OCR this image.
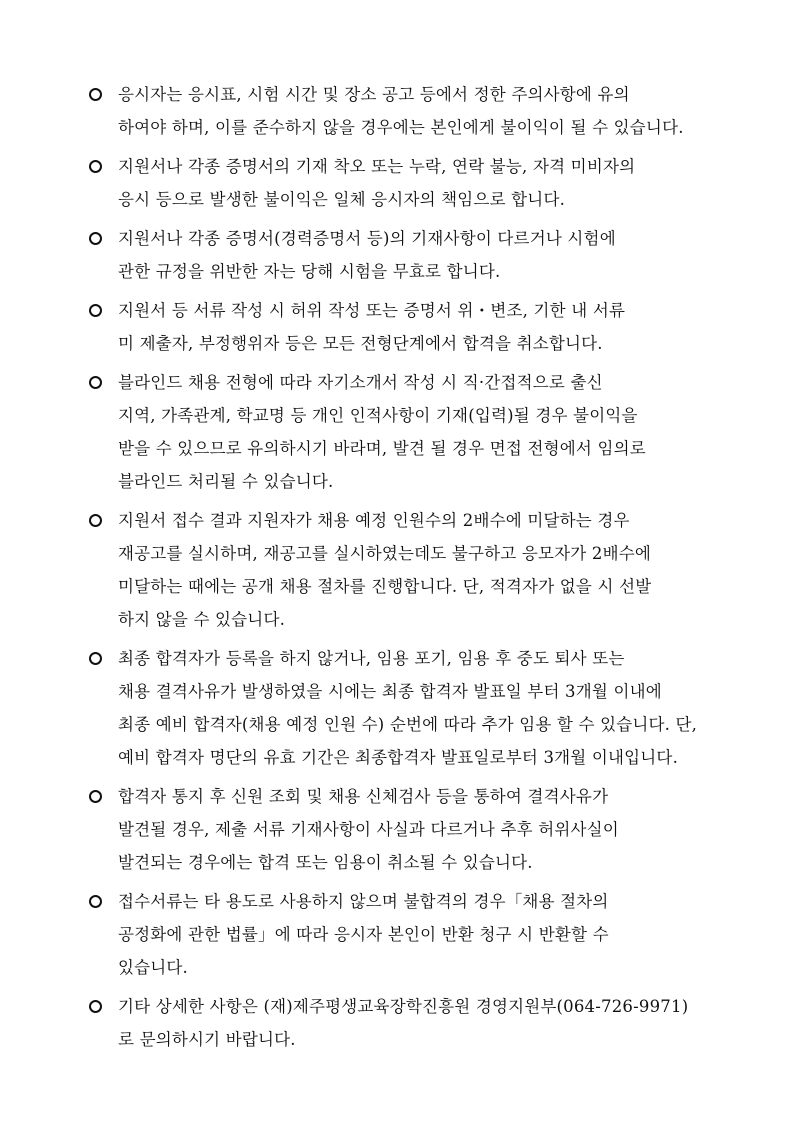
응시자는 응시표, 시험 시간 및 장소 공고 등에서 정한 주의사항에 유의
하여야 하며, 이를 준수하지 않을 경우에는 본인에게 불이익이 될 수 있습니다.

지원서나 각종 증명서의 기재 착오 또는 누락, 연락 불능, 자격 미비자의
응시 등으로 발생한 불이익은 일체 응시자의 책임으로 합니다.

지원서나 각종 증명서(경력증명서 등)의 기재사항이 다르거나 시험에
관한 규정을 위반한 자는 당해 시험을 무효로 합니다.

지원서 등 서류 작성 시 허위 작성 또는 증명서 위・변조, 기한 내 서류
미 제출자, 부정행위자 등은 모든 전형단계에서 합격을 취소합니다.

블라인드 채용 전형에 따라 자기소개서 작성 시 직·간접적으로 출신
지역, 가족관계, 학교명 등 개인 인적사항이 기재(입력)될 경우 불이익을
받을 수 있으므로 유의하시기 바라며, 발견 될 경우 면접 전형에서 임의로
블라인드 처리될 수 있습니다.

지원서 접수 결과 지원자가 채용 예정 인원수의 2배수에 미달하는 경우
재공고를 실시하며, 재공고를 실시하였는데도 불구하고 응모자가 2배수에
미달하는 때에는 공개 채용 절차를 진행합니다. 단, 적격자가 없을 시 선발
하지 않을 수 있습니다.

최종 합격자가 등록을 하지 않거나, 임용 포기, 임용 후 중도 퇴사 또는
채용 결격사유가 발생하였을 시에는 최종 합격자 발표일 부터 3개월 이내에
최종 예비 합격자(채용 예정 인원 수) 순번에 따라 추가 임용 할 수 있습니다. 단,
예비 합격자 명단의 유효 기간은 최종합격자 발표일로부터 3개월 이내입니다.

합격자 통지 후 신원 조회 및 채용 신체검사 등을 통하여 결격사유가
발견될 경우, 제출 서류 기재사항이 사실과 다르거나 추후 허위사실이
발견되는 경우에는 합격 또는 임용이 취소될 수 있습니다.

접수서류는 타 용도로 사용하지 않으며 불합격의 경우「채용 절차의
공정화에 관한 법률」에 따라 응시자 본인이 반환 청구 시 반환할 수
있습니다.

기타 상세한 사항은 (재)제주평생교육장학진흥원 경영지원부(064-726-9971)
로 문의하시기 바랍니다.
